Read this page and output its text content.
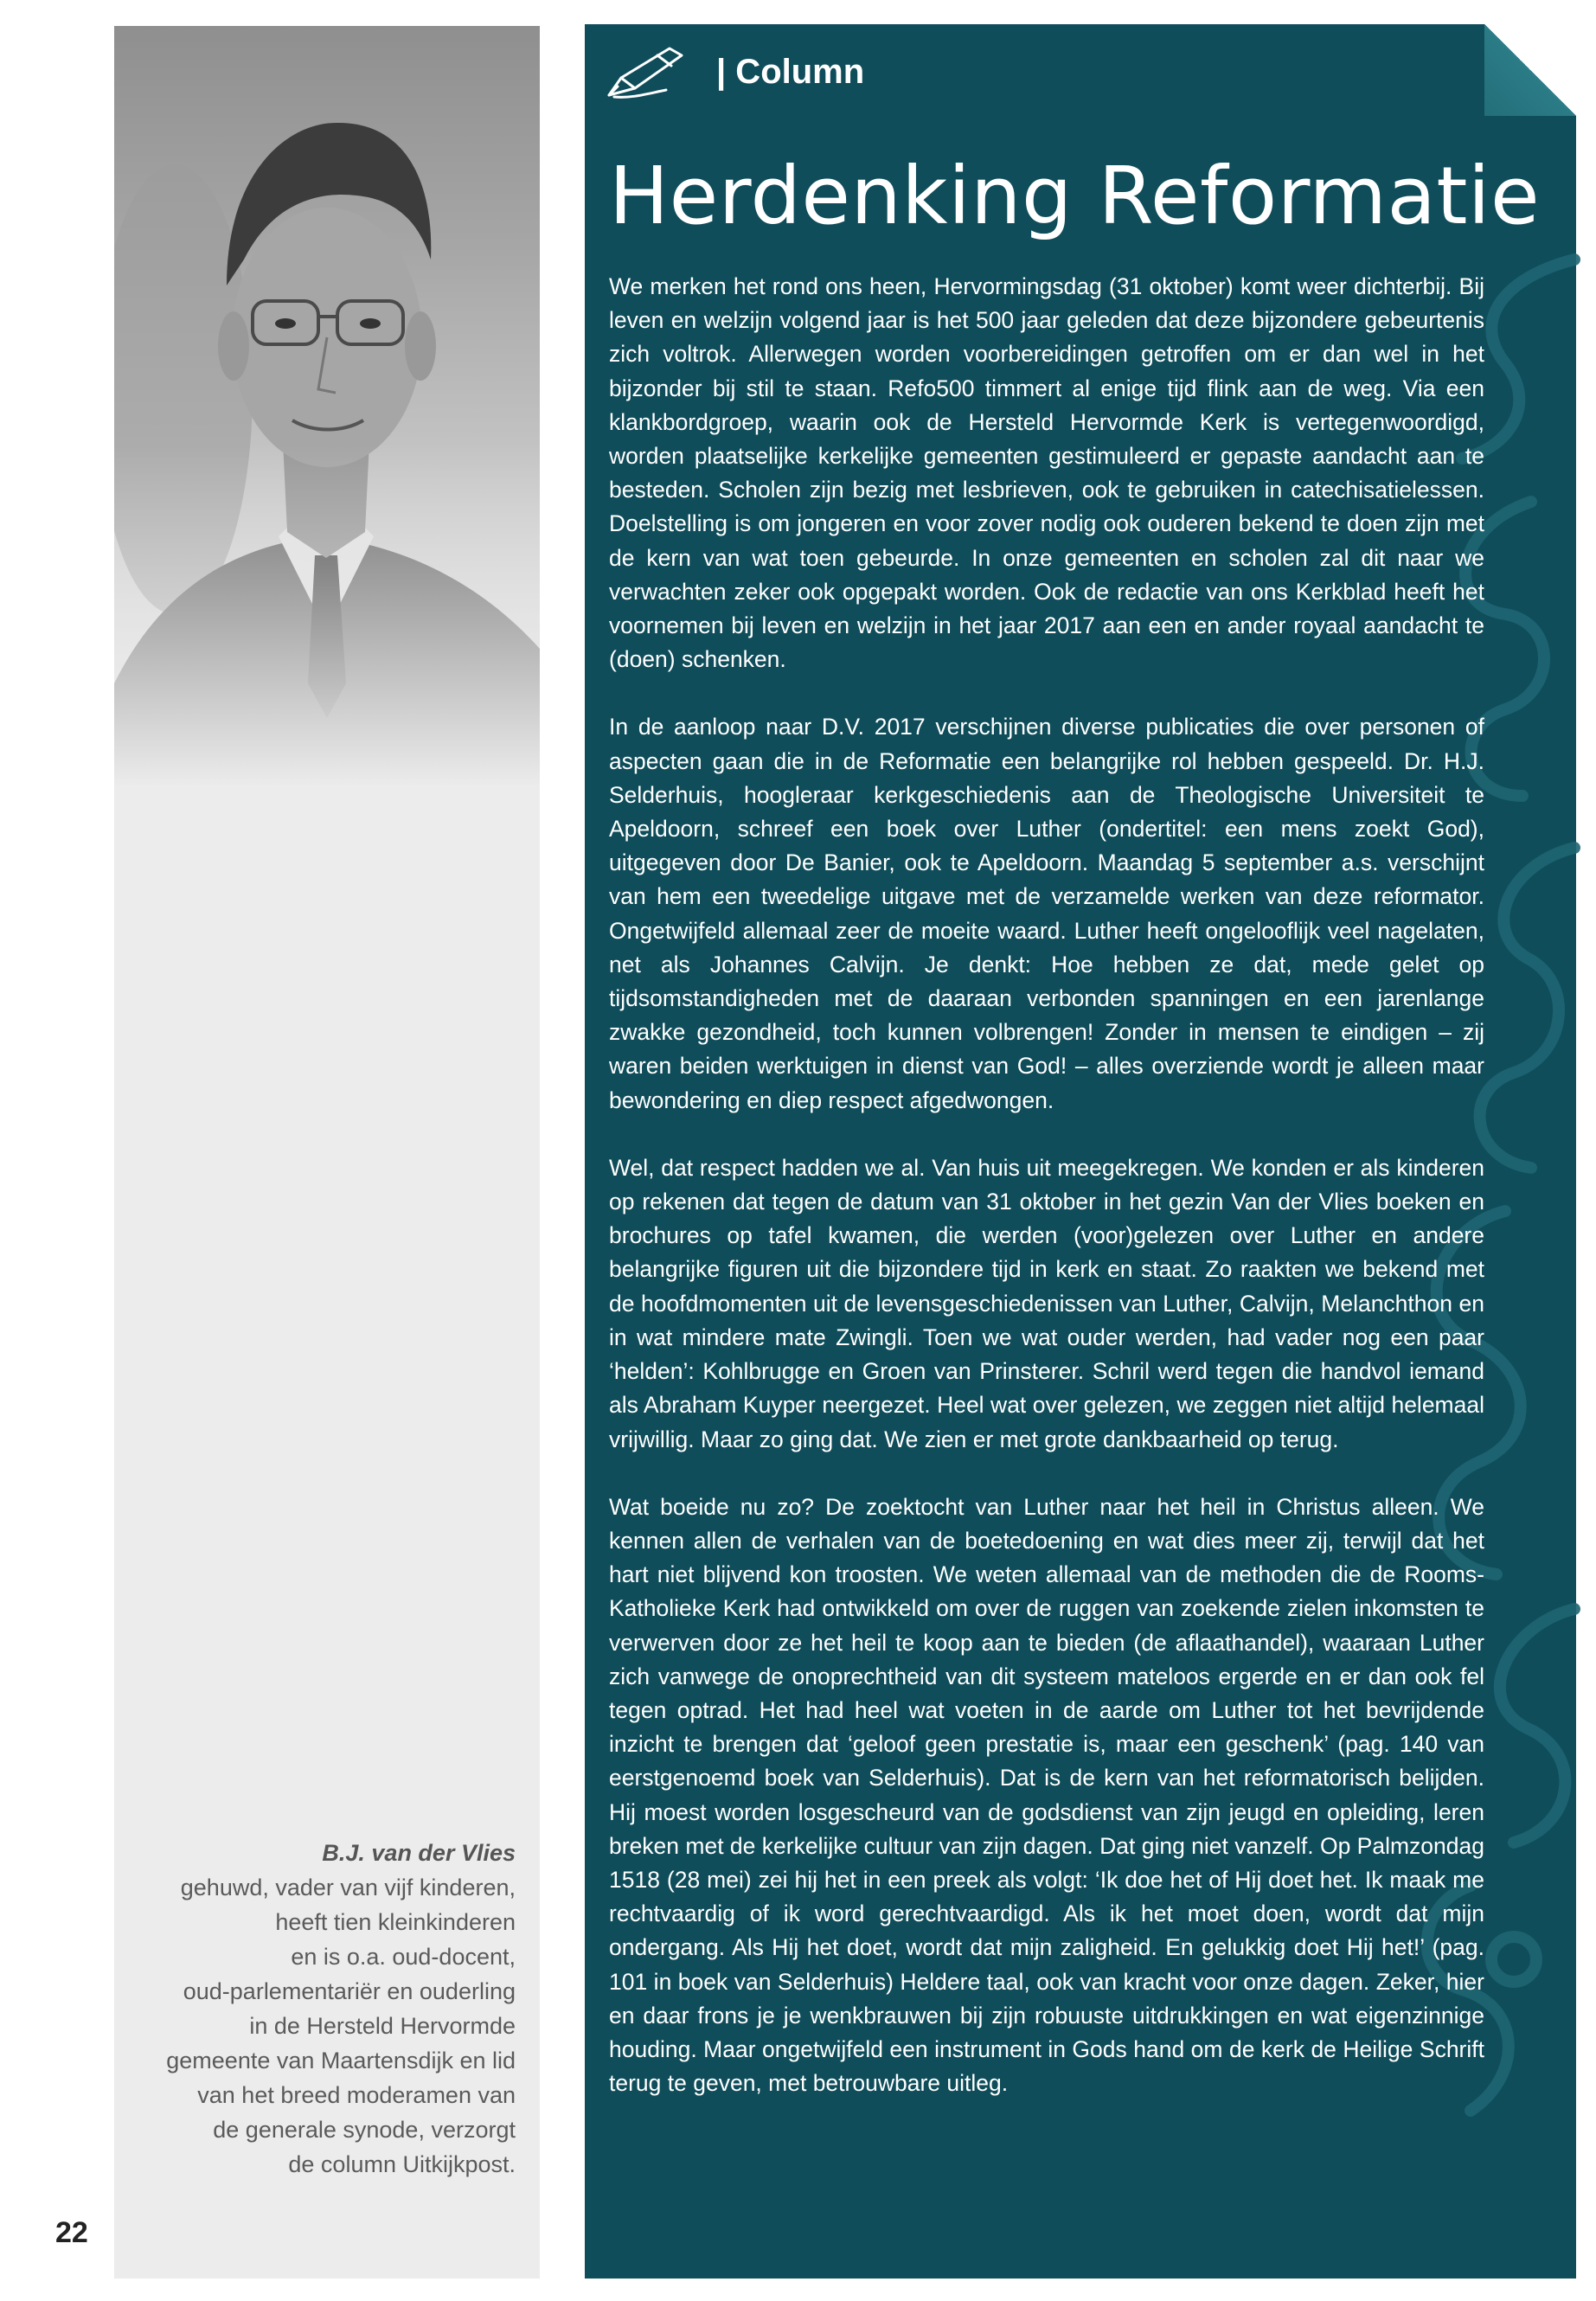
B.J. van der Vlies
gehuwd, vader van vijf kinderen,
heeft tien kleinkinderen
en is o.a. oud-docent,
oud-parlementariër en ouderling
in de Hersteld Hervormde
gemeente van Maartensdijk en lid
van het breed moderamen van
de generale synode, verzorgt
de column Uitkijkpost.
22
| Column
Herdenking Reformatie

We merken het rond ons heen, Hervormingsdag (31 oktober) komt weer dichterbij. Bij leven en welzijn volgend jaar is het 500 jaar geleden dat deze bijzondere gebeurtenis zich voltrok. Allerwegen worden voorbereidingen getroffen om er dan wel in het bijzonder bij stil te staan. Refo500 timmert al enige tijd flink aan de weg. Via een klankbordgroep, waarin ook de Hersteld Hervormde Kerk is vertegenwoordigd, worden plaatselijke kerkelijke gemeenten gestimuleerd er gepaste aandacht aan te besteden. Scholen zijn bezig met lesbrieven, ook te gebruiken in catechisatielessen. Doelstelling is om jongeren en voor zover nodig ook ouderen bekend te doen zijn met de kern van wat toen gebeurde. In onze gemeenten en scholen zal dit naar we verwachten zeker ook opgepakt worden. Ook de redactie van ons Kerkblad heeft het voornemen bij leven en welzijn in het jaar 2017 aan een en ander royaal aandacht te (doen) schenken.

In de aanloop naar D.V. 2017 verschijnen diverse publicaties die over personen of aspecten gaan die in de Reformatie een belangrijke rol hebben gespeeld. Dr. H.J. Selderhuis, hoogleraar kerkgeschiedenis aan de Theologische Universiteit te Apeldoorn, schreef een boek over Luther (ondertitel: een mens zoekt God), uitgegeven door De Banier, ook te Apeldoorn. Maandag 5 september a.s. verschijnt van hem een tweedelige uitgave met de verzamelde werken van deze reformator. Ongetwijfeld allemaal zeer de moeite waard. Luther heeft ongelooflijk veel nagelaten, net als Johannes Calvijn. Je denkt: Hoe hebben ze dat, mede gelet op tijdsomstandigheden met de daaraan verbonden spanningen en een jarenlange zwakke gezondheid, toch kunnen volbrengen! Zonder in mensen te eindigen – zij waren beiden werktuigen in dienst van God! – alles overziende wordt je alleen maar bewondering en diep respect afgedwongen.

Wel, dat respect hadden we al. Van huis uit meegekregen. We konden er als kinderen op rekenen dat tegen de datum van 31 oktober in het gezin Van der Vlies boeken en brochures op tafel kwamen, die werden (voor)gelezen over Luther en andere belangrijke figuren uit die bijzondere tijd in kerk en staat. Zo raakten we bekend met de hoofdmomenten uit de levensgeschiedenissen van Luther, Calvijn, Melanchthon en in wat mindere mate Zwingli. Toen we wat ouder werden, had vader nog een paar ‘helden’: Kohlbrugge en Groen van Prinsterer. Schril werd tegen die handvol iemand als Abraham Kuyper neergezet. Heel wat over gelezen, we zeggen niet altijd helemaal vrijwillig. Maar zo ging dat. We zien er met grote dankbaarheid op terug.

Wat boeide nu zo? De zoektocht van Luther naar het heil in Christus alleen. We kennen allen de verhalen van de boetedoening en wat dies meer zij, terwijl dat het hart niet blijvend kon troosten. We weten allemaal van de methoden die de Rooms-Katholieke Kerk had ontwikkeld om over de ruggen van zoekende zielen inkomsten te verwerven door ze het heil te koop aan te bieden (de aflaathandel), waaraan Luther zich vanwege de onoprechtheid van dit systeem mateloos ergerde en er dan ook fel tegen optrad. Het had heel wat voeten in de aarde om Luther tot het bevrijdende inzicht te brengen dat ‘geloof geen prestatie is, maar een geschenk’ (pag. 140 van eerstgenoemd boek van Selderhuis). Dat is de kern van het reformatorisch belijden. Hij moest worden losgescheurd van de godsdienst van zijn jeugd en opleiding, leren breken met de kerkelijke cultuur van zijn dagen. Dat ging niet vanzelf. Op Palmzondag 1518 (28 mei) zei hij het in een preek als volgt: ‘Ik doe het of Hij doet het. Ik maak me rechtvaardig of ik word gerechtvaardigd. Als ik het moet doen, wordt dat mijn ondergang. Als Hij het doet, wordt dat mijn zaligheid. En gelukkig doet Hij het!’ (pag. 101 in boek van Selderhuis) Heldere taal, ook van kracht voor onze dagen. Zeker, hier en daar frons je je wenkbrauwen bij zijn robuuste uitdrukkingen en wat eigenzinnige houding. Maar ongetwijfeld een instrument in Gods hand om de kerk de Heilige Schrift terug te geven, met betrouwbare uitleg.
